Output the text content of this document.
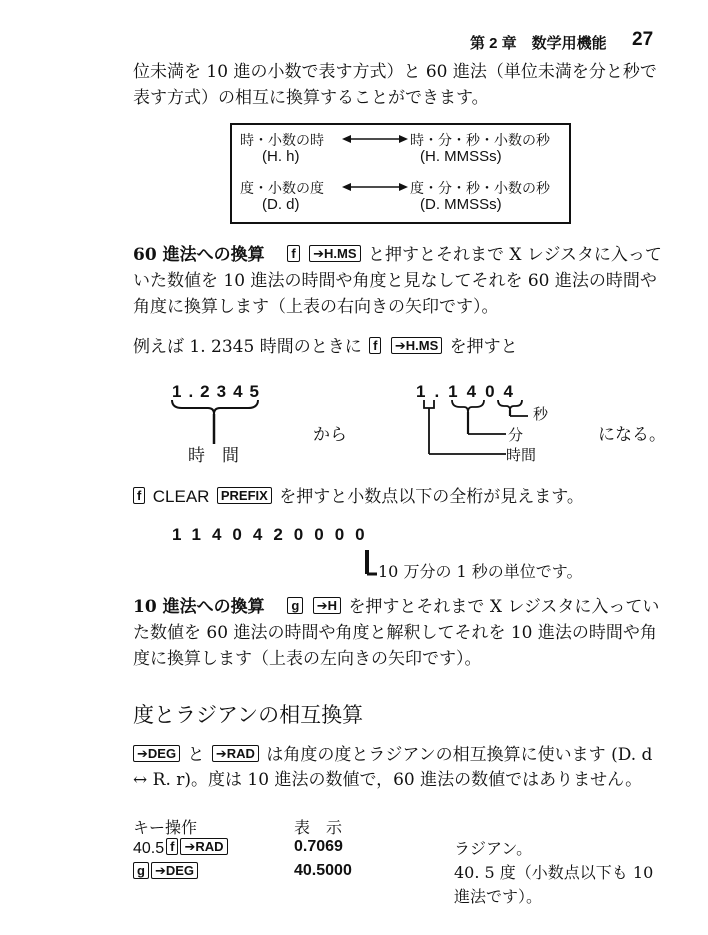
第 2 章　数学用機能 27
位未満を 10 進の小数で表す方式）と 60 進法（単位未満を分と秒で
表す方式）の相互に換算することができます。
時・小数の時	時・分・秒・小数の秒
(H. h)	(H. MMSSs)
度・小数の度	度・分・秒・小数の秒
(D. d)	(D. MMSSs)
60 進法への換算 f ➔H.MS と押すとそれまで X レジスタに入って
いた数値を 10 進法の時間や角度と見なしてそれを 60 進法の時間や
角度に換算します（上表の右向きの矢印です）。
例えば 1. 2345 時間のときに f ➔H.MS を押すと
1.2345
時　間
から
1.1404
秒
分
時間
になる。
f CLEAR PREFIX を押すと小数点以下の全桁が見えます。
1140420000
10 万分の 1 秒の単位です。
10 進法への換算 g ➔H を押すとそれまで X レジスタに入ってい
た数値を 60 進法の時間や角度と解釈してそれを 10 進法の時間や角
度に換算します（上表の左向きの矢印です）。
度とラジアンの相互換算
➔DEG と ➔RAD は角度の度とラジアンの相互換算に使います (D. d
↔ R. r)。度は 10 進法の数値で，60 進法の数値ではありません。
キー操作	表　示
40.5 f ➔RAD	0.7069	ラジアン。
g ➔DEG	40.5000	40. 5 度（小数点以下も 10
進法です）。
